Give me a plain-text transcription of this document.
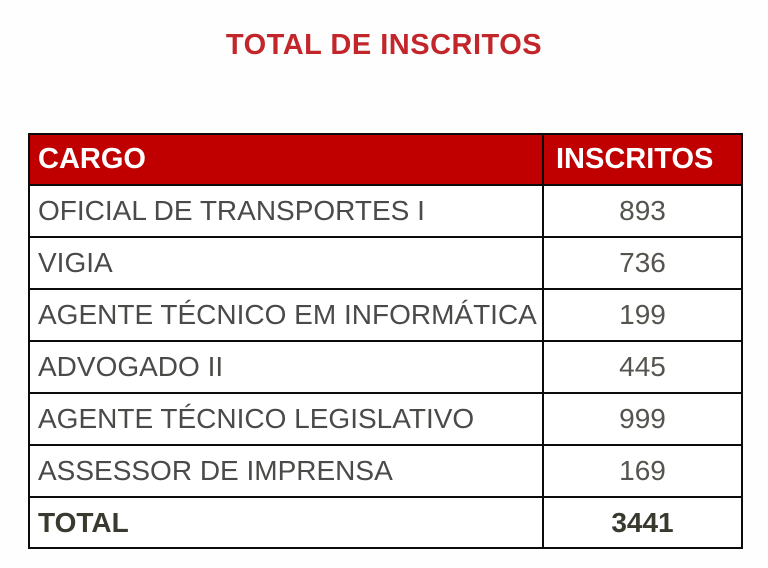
TOTAL DE INSCRITOS
CARGO	INSCRITOS
OFICIAL DE TRANSPORTES I	893
VIGIA	736
AGENTE TÉCNICO EM INFORMÁTICA	199
ADVOGADO II	445
AGENTE TÉCNICO LEGISLATIVO	999
ASSESSOR DE IMPRENSA	169
TOTAL	3441
